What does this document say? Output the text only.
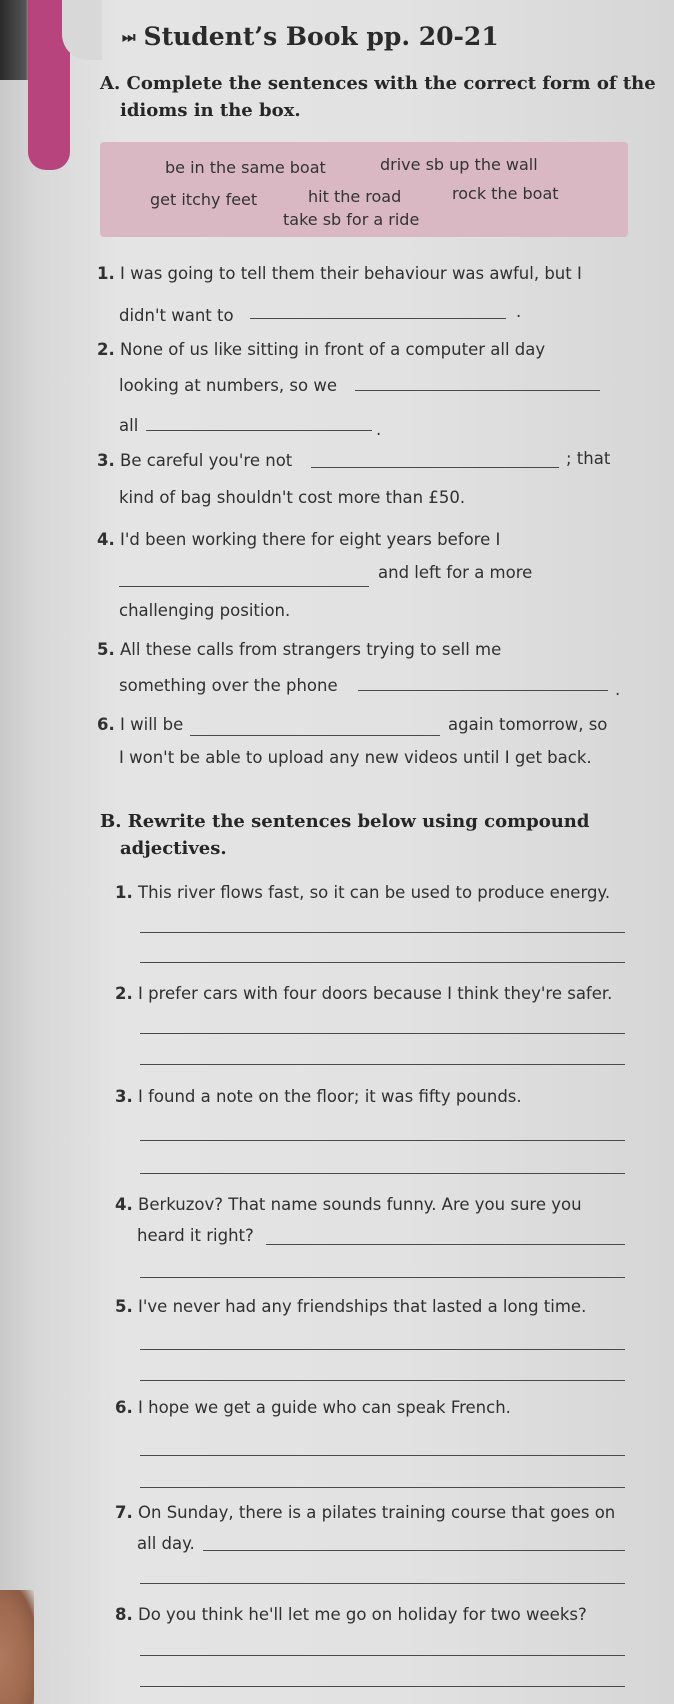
⏭ Student’s Book pp. 20-21
A. Complete the sentences with the correct form of the
idioms in the box.
be in the same boat	drive sb up the wall
get itchy feet	hit the road	rock the boat
take sb for a ride
1. I was going to tell them their behaviour was awful, but I
didn't want to	.
2. None of us like sitting in front of a computer all day
looking at numbers, so we
all	.
3. Be careful you're not	; that
kind of bag shouldn't cost more than £50.
4. I'd been working there for eight years before I
and left for a more
challenging position.
5. All these calls from strangers trying to sell me
something over the phone	.
6. I will be	again tomorrow, so
I won't be able to upload any new videos until I get back.
B. Rewrite the sentences below using compound
adjectives.
1. This river flows fast, so it can be used to produce energy.
2. I prefer cars with four doors because I think they're safer.
3. I found a note on the floor; it was fifty pounds.
4. Berkuzov? That name sounds funny. Are you sure you
heard it right?
5. I've never had any friendships that lasted a long time.
6. I hope we get a guide who can speak French.
7. On Sunday, there is a pilates training course that goes on
all day.
8. Do you think he'll let me go on holiday for two weeks?
